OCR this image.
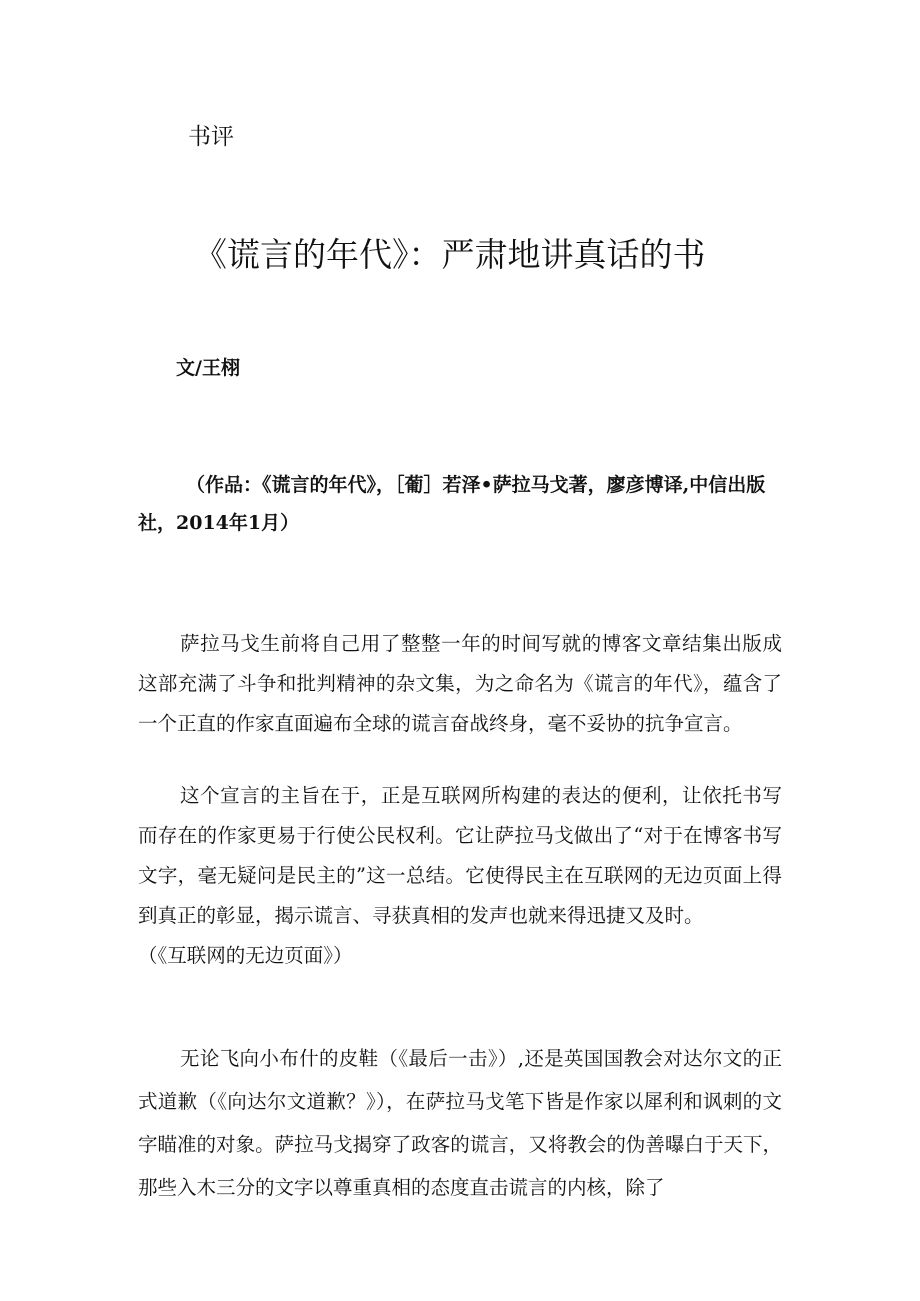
书评
《谎言的年代》：严肃地讲真话的书
文/王栩
（作品：《谎言的年代》，［葡］若泽•萨拉马戈著，廖彦博译,中信出版社，2014年1月）
萨拉马戈生前将自己用了整整一年的时间写就的博客文章结集出版成这部充满了斗争和批判精神的杂文集，为之命名为《谎言的年代》，蕴含了一个正直的作家直面遍布全球的谎言奋战终身，毫不妥协的抗争宣言。
这个宣言的主旨在于，正是互联网所构建的表达的便利，让依托书写而存在的作家更易于行使公民权利。它让萨拉马戈做出了“对于在博客书写文字，毫无疑问是民主的”这一总结。它使得民主在互联网的无边页面上得到真正的彰显，揭示谎言、寻获真相的发声也就来得迅捷又及时。
（《互联网的无边页面》）
无论飞向小布什的皮鞋（《最后一击》）,还是英国国教会对达尔文的正式道歉（《向达尔文道歉？》），在萨拉马戈笔下皆是作家以犀利和讽刺的文字瞄准的对象。萨拉马戈揭穿了政客的谎言，又将教会的伪善曝白于天下，那些入木三分的文字以尊重真相的态度直击谎言的内核，除了
